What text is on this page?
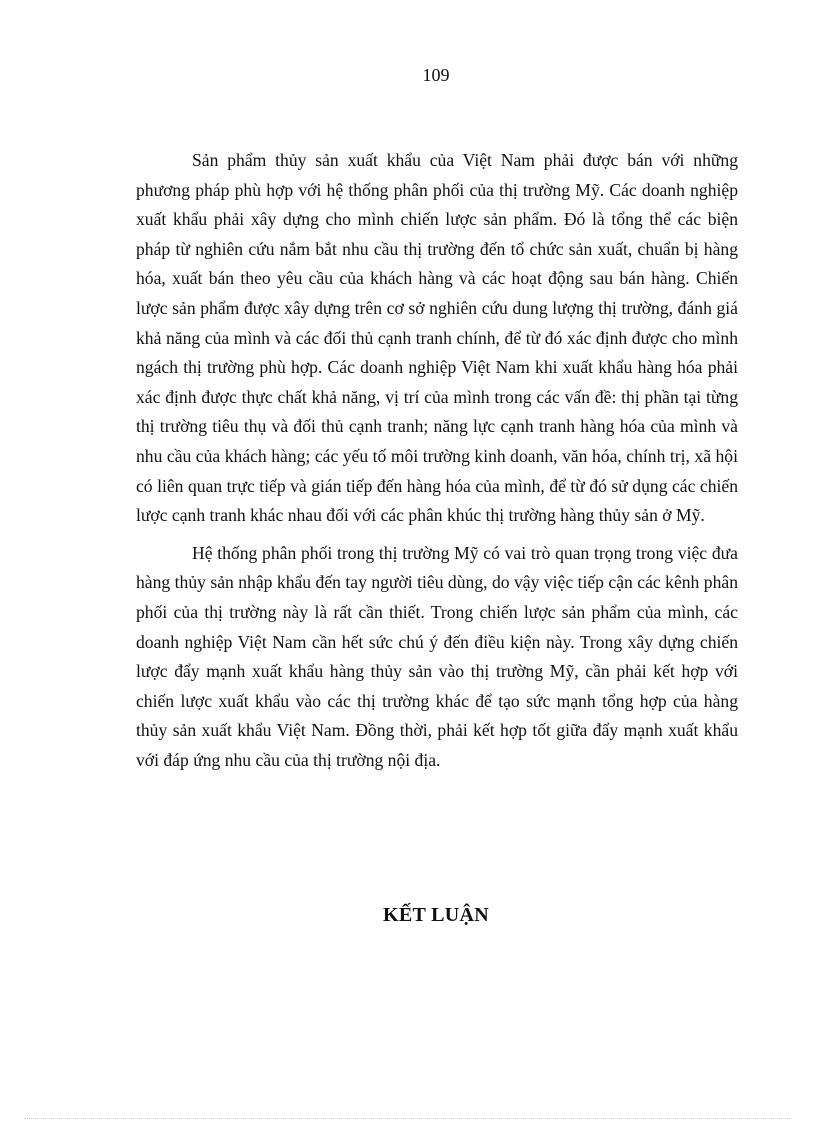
109

Sản phẩm thủy sản xuất khẩu của Việt Nam phải được bán với những phương pháp phù hợp với hệ thống phân phối của thị trường Mỹ. Các doanh nghiệp xuất khẩu phải xây dựng cho mình chiến lược sản phẩm. Đó là tổng thể các biện pháp từ nghiên cứu nắm bắt nhu cầu thị trường đến tổ chức sản xuất, chuẩn bị hàng hóa, xuất bán theo yêu cầu của khách hàng và các hoạt động sau bán hàng. Chiến lược sản phẩm được xây dựng trên cơ sở nghiên cứu dung lượng thị trường, đánh giá khả năng của mình và các đối thủ cạnh tranh chính, để từ đó xác định được cho mình ngách thị trường phù hợp. Các doanh nghiệp Việt Nam khi xuất khẩu hàng hóa phải xác định được thực chất khả năng, vị trí của mình trong các vấn đề: thị phần tại từng thị trường tiêu thụ và đối thủ cạnh tranh; năng lực cạnh tranh hàng hóa của mình và nhu cầu của khách hàng; các yếu tố môi trường kinh doanh, văn hóa, chính trị, xã hội có liên quan trực tiếp và gián tiếp đến hàng hóa của mình, để từ đó sử dụng các chiến lược cạnh tranh khác nhau đối với các phân khúc thị trường hàng thủy sản ở Mỹ.

Hệ thống phân phối trong thị trường Mỹ có vai trò quan trọng trong việc đưa hàng thủy sản nhập khẩu đến tay người tiêu dùng, do vậy việc tiếp cận các kênh phân phối của thị trường này là rất cần thiết. Trong chiến lược sản phẩm của mình, các doanh nghiệp Việt Nam cần hết sức chú ý đến điều kiện này. Trong xây dựng chiến lược đẩy mạnh xuất khẩu hàng thủy sản vào thị trường Mỹ, cần phải kết hợp với chiến lược xuất khẩu vào các thị trường khác để tạo sức mạnh tổng hợp của hàng thủy sản xuất khẩu Việt Nam. Đồng thời, phải kết hợp tốt giữa đẩy mạnh xuất khẩu với đáp ứng nhu cầu của thị trường nội địa.

KẾT LUẬN
